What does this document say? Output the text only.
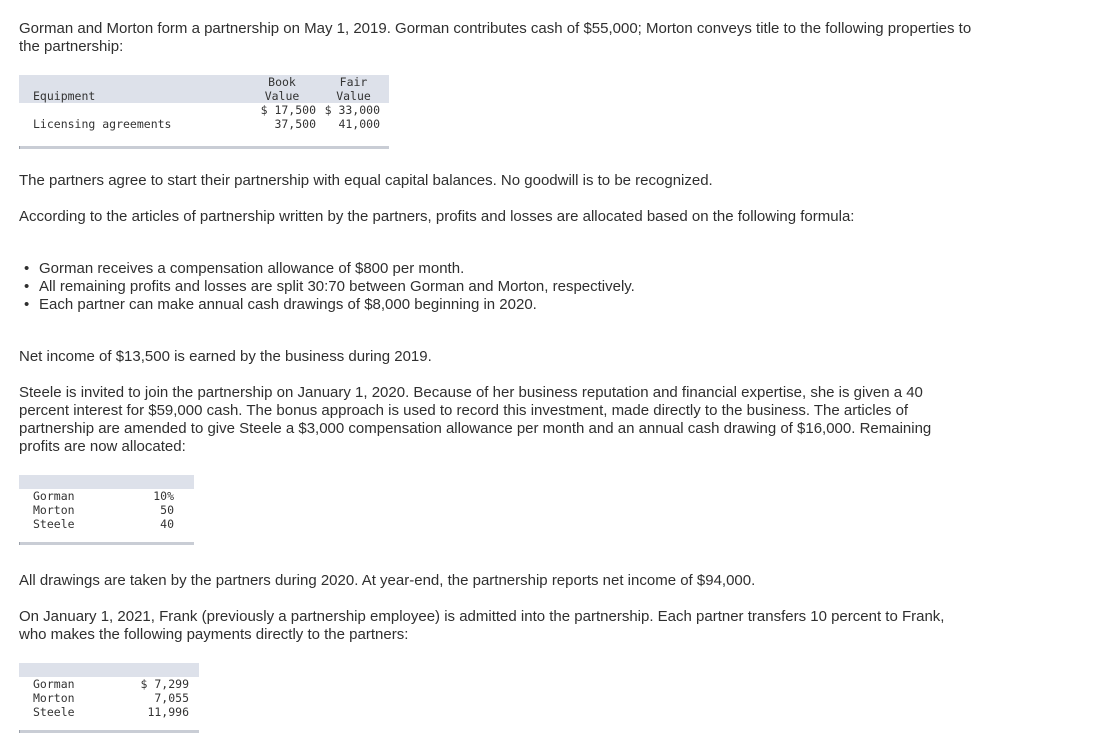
Gorman and Morton form a partnership on May 1, 2019. Gorman contributes cash of $55,000; Morton conveys title to the following properties to the partnership:

	Book	Fair
Equipment	Value	Value
	$ 17,500	$ 33,000
Licensing agreements	37,500	41,000

The partners agree to start their partnership with equal capital balances. No goodwill is to be recognized.

According to the articles of partnership written by the partners, profits and losses are allocated based on the following formula:

• Gorman receives a compensation allowance of $800 per month.
• All remaining profits and losses are split 30:70 between Gorman and Morton, respectively.
• Each partner can make annual cash drawings of $8,000 beginning in 2020.

Net income of $13,500 is earned by the business during 2019.

Steele is invited to join the partnership on January 1, 2020. Because of her business reputation and financial expertise, she is given a 40 percent interest for $59,000 cash. The bonus approach is used to record this investment, made directly to the business. The articles of partnership are amended to give Steele a $3,000 compensation allowance per month and an annual cash drawing of $16,000. Remaining profits are now allocated:

Gorman	10%
Morton	50
Steele	40

All drawings are taken by the partners during 2020. At year-end, the partnership reports net income of $94,000.

On January 1, 2021, Frank (previously a partnership employee) is admitted into the partnership. Each partner transfers 10 percent to Frank, who makes the following payments directly to the partners:

Gorman	$ 7,299
Morton	7,055
Steele	11,996
